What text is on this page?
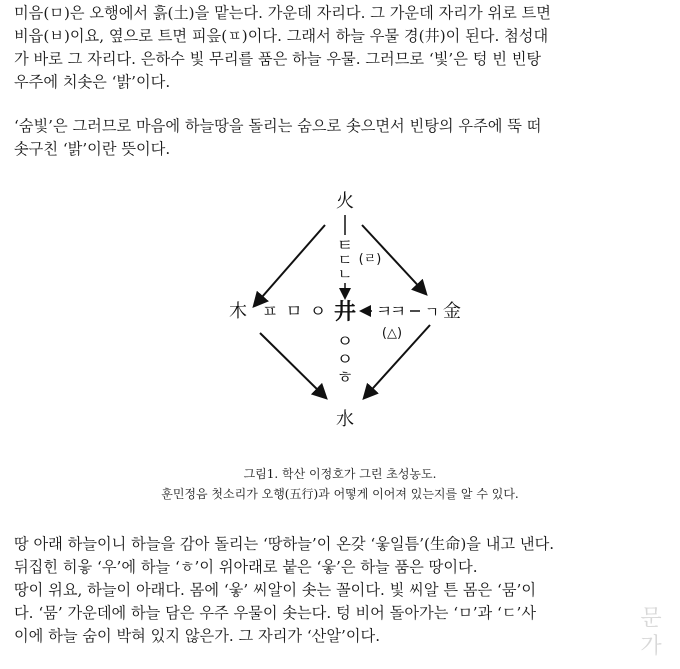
미음(ㅁ)은 오행에서 흙(土)을 맡는다. 가운데 자리다. 그 가운데 자리가 위로 트면
비읍(ㅂ)이요, 옆으로 트면 피읖(ㅍ)이다. 그래서 하늘 우물 경(井)이 된다. 첨성대
가 바로 그 자리다. 은하수 빛 무리를 품은 하늘 우물. 그러므로 ‘빛’은 텅 빈 빈탕
우주에 치솟은 ‘밝’이다.
‘숨빛’은 그러므로 마음에 하늘땅을 돌리는 숨으로 솟으면서 빈탕의 우주에 뚝 떠
솟구친 ‘밝’이란 뜻이다.
火
水
木	金
ㅌ
ㄷ
ㄴ
(ㄹ)
井
ㅇ
ㅇ
ㅎ
ㅍ ㅁ ㅇ	ㅋ
ㅋ ㄱ
(△)
그림1. 학산 이정호가 그린 초성농도.
훈민정음 첫소리가 오행(五行)과 어떻게 이어져 있는지를 알 수 있다.
땅 아래 하늘이니 하늘을 감아 돌리는 ‘땅하늘’이 온갖 ‘웋일틈’(生命)을 내고 낸다.
뒤집힌 히읗 ‘우’에 하늘 ‘ㅎ’이 위아래로 붙은 ‘웋’은 하늘 품은 땅이다.
땅이 위요, 하늘이 아래다. 몸에 ‘웋’ 씨알이 솟는 꼴이다. 빛 씨알 튼 몸은 ‘뭄’이
다. ‘뭄’ 가운데에 하늘 담은 우주 우물이 솟는다. 텅 비어 돌아가는 ‘ㅁ’과 ‘ㄷ’사
이에 하늘 숨이 박혀 있지 않은가. 그 자리가 ‘산알’이다.
문
가
